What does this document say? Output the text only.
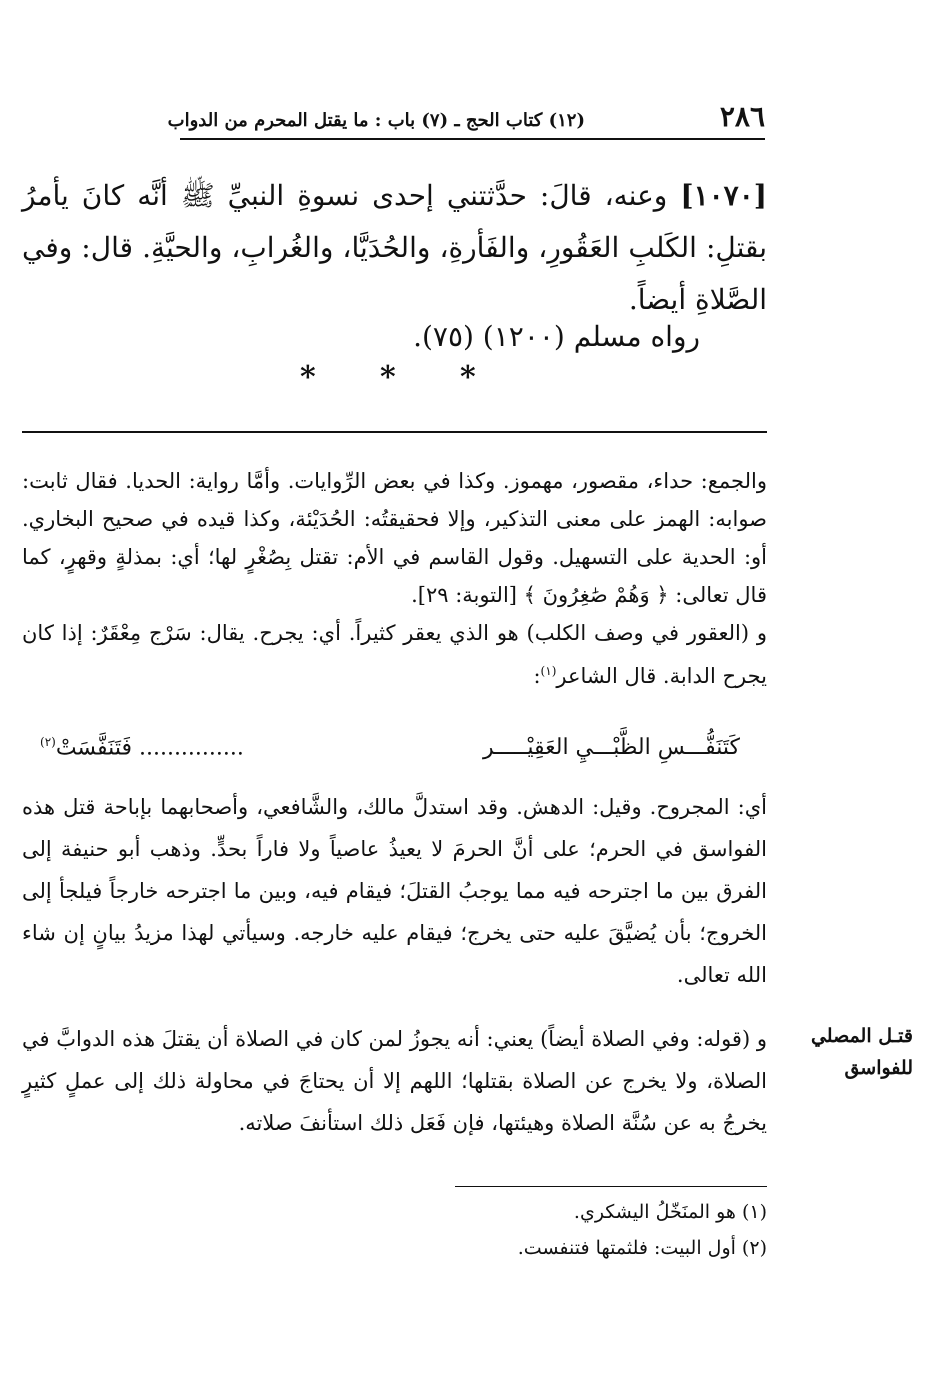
٢٨٦
(١٢) كتاب الحج ـ (٧) باب : ما يقتل المحرم من الدواب

[١٠٧٠] وعنه، قالَ: حدَّثتني إحدى نسوةِ النبيِّ ﷺ أنَّه كانَ يأمرُ بقتلِ: الكَلبِ العَقُورِ، والفَأرةِ، والحُدَيَّا، والغُرابِ، والحيَّةِ. قال: وفي الصَّلاةِ أيضاً.

رواه مسلم (١٢٠٠) (٧٥).
* * *

والجمع: حداء، مقصور، مهموز. وكذا في بعض الرِّوايات. وأمَّا رواية: الحديا. فقال ثابت: صوابه: الهمز على معنى التذكير، وإلا فحقيقتُه: الحُدَيْئة، وكذا قيده في صحيح البخاري. أو: الحدية على التسهيل. وقول القاسم في الأم: تقتل بِصُغْرٍ لها؛ أي: بمذلةٍ وقهرٍ، كما قال تعالى: ﴿ وَهُمْ صَٰغِرُونَ ﴾ [التوبة: ٢٩].

و (العقور في وصف الكلب) هو الذي يعقر كثيراً. أي: يجرح. يقال: سَرْج مِعْقَرٌ: إذا كان يجرح الدابة. قال الشاعر$^{(١)}$:

كَتَنَفُّـــسِ الظَّبْـــيِ العَقِيْـــــر
............... فَتَنَفَّسَتْ$^{(٢)}$

أي: المجروح. وقيل: الدهش. وقد استدلَّ مالك، والشَّافعي، وأصحابهما بإباحة قتل هذه الفواسق في الحرم؛ على أنَّ الحرمَ لا يعيذُ عاصياً ولا فاراً بحدٍّ. وذهب أبو حنيفة إلى الفرق بين ما اجترحه فيه مما يوجبُ القتلَ؛ فيقام فيه، وبين ما اجترحه خارجاً فيلجأ إلى الخروج؛ بأن يُضيَّقَ عليه حتى يخرج؛ فيقام عليه خارجه. وسيأتي لهذا مزيدُ بيانٍ إن شاء الله تعالى.

و (قوله: وفي الصلاة أيضاً) يعني: أنه يجوزُ لمن كان في الصلاة أن يقتلَ هذه الدوابَّ في الصلاة، ولا يخرج عن الصلاة بقتلها؛ اللهم إلا أن يحتاجَ في محاولة ذلك إلى عملٍ كثيرٍ يخرجُ به عن سُنَّة الصلاة وهيئتها، فإن فَعَل ذلك استأنفَ صلاته.

قتـل المصلي
للفواسق
(١) هو المنَخّلُ اليشكري.
(٢) أول البيت: فلثمتها فتنفست.
